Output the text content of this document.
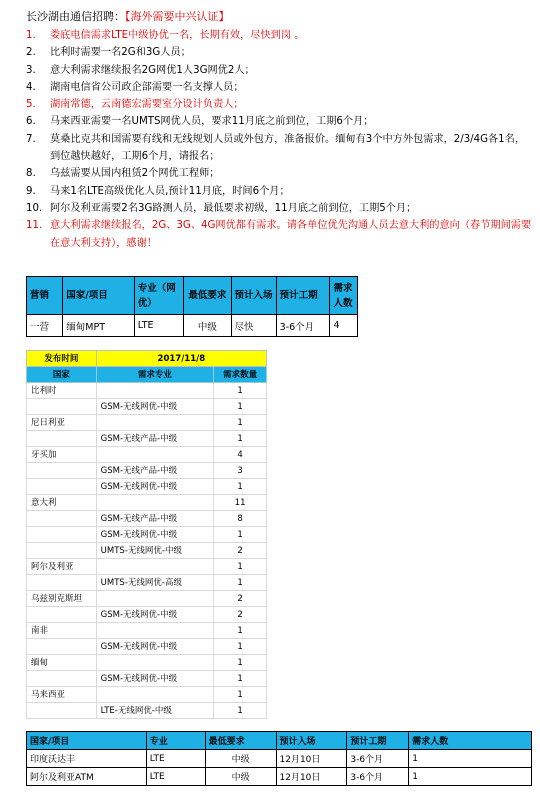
长沙湖由通信招聘：【海外需要中兴认证】
1.	娄底电信需求LTE中级协优一名，长期有效，尽快到岗 。
2.	比利时需要一名2G和3G人员；
3.	意大利需求继续报名2G网优1人3G网优2人；
4.	湖南电信省公司政企部需要一名支撑人员；
5.	湖南常德，云南德宏需要室分设计负责人；
6.	马来西亚需要一名UMTS网优人员，要求11月底之前到位，工期6个月；
7.	莫桑比克共和国需要有线和无线规划人员或外包方，准备报价。缅甸有3个中方外包需求，2/3/4G各1名，到位越快越好，工期6个月，请报名；
8.	乌兹需要从国内租赁2个网优工程师；
9.	马来1名LTE高级优化人员,预计11月底，时间6个月；
10. 阿尔及利亚需要2名3G路测人员，最低要求初级，11月底之前到位，工期5个月；
11. 意大利需求继续报名，2G、3G、4G网优都有需求。请各单位优先沟通人员去意大利的意向（春节期间需要在意大利支持），感谢！
营销	国家/项目	专业（网优）	最低要求	预计入场	预计工期	需求人数
一营	缅甸MPT	LTE	中级	尽快	3-6个月	4
发布时间	2017/11/8	
国家	需求专业	需求数量
比利时		1
	GSM-无线网优-中级	1
尼日利亚		1
	GSM-无线产品-中级	1
牙买加		4
	GSM-无线产品-中级	3
	GSM-无线网优-中级	1
意大利		11
	GSM-无线产品-中级	8
	GSM-无线网优-中级	1
	UMTS-无线网优-中级	2
阿尔及利亚		1
	UMTS-无线网优-高级	1
乌兹别克斯坦		2
	GSM-无线网优-中级	2
南非		1
	GSM-无线网优-中级	1
缅甸		1
	GSM-无线网优-中级	1
马来西亚		1
	LTE-无线网优-中级	1
国家/项目	专业	最低要求	预计入场	预计工期	需求人数
印度沃达丰	LTE	中级	12月10日	3-6个月	1
阿尔及利亚ATM	LTE	中级	12月10日	3-6个月	1
